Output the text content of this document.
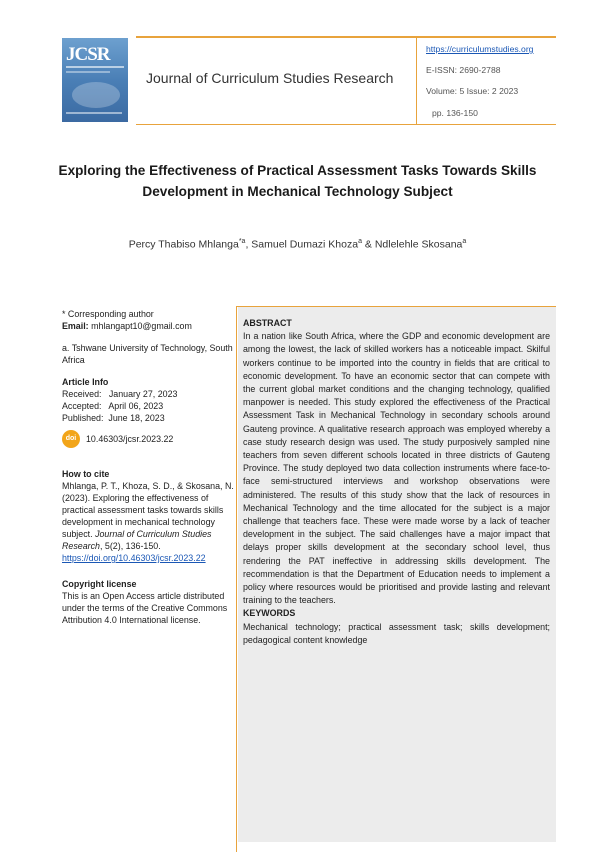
JCSR
Journal of Curriculum Studies Research
https://curriculumstudies.org
E-ISSN: 2690-2788
Volume: 5 Issue: 2 2023
pp. 136-150
Exploring the Effectiveness of Practical Assessment Tasks Towards Skills Development in Mechanical Technology Subject
Percy Thabiso Mhlanga$^{*a}$, Samuel Dumazi Khoza$^a$ & Ndlelehle Skosana$^a$
* Corresponding author
Email: mhlangapt10@gmail.com
a. Tshwane University of Technology, South Africa
Article Info
Received:   January 27, 2023
Accepted:   April 06, 2023
Published:  June 18, 2023
doi	10.46303/jcsr.2023.22
How to cite
Mhlanga, P. T., Khoza, S. D., & Skosana, N. (2023). Exploring the effectiveness of practical assessment tasks towards skills development in mechanical technology subject. Journal of Curriculum Studies Research, 5(2), 136-150. https://doi.org/10.46303/jcsr.2023.22
Copyright license
This is an Open Access article distributed under the terms of the Creative Commons Attribution 4.0 International license.
ABSTRACT

In a nation like South Africa, where the GDP and economic development are among the lowest, the lack of skilled workers has a noticeable impact. Skilful workers continue to be imported into the country in fields that are critical to economic development. To have an economic sector that can compete with the current global market conditions and the changing technology, qualified manpower is needed. This study explored the effectiveness of the Practical Assessment Task in Mechanical Technology in secondary schools around Gauteng province. A qualitative research approach was employed whereby a case study research design was used. The study purposively sampled nine teachers from seven different schools located in three districts of Gauteng Province. The study deployed two data collection instruments where face-to-face semi-structured interviews and workshop observations were administered. The results of this study show that the lack of resources in Mechanical Technology and the time allocated for the subject is a major challenge that teachers face. These were made worse by a lack of teacher development in the subject. The said challenges have a major impact that delays proper skills development at the secondary school level, thus rendering the PAT ineffective in addressing skills development. The recommendation is that the Department of Education needs to implement a policy where resources would be prioritised and provide lasting and relevant training to the teachers.

KEYWORDS

Mechanical technology; practical assessment task; skills development; pedagogical content knowledge
